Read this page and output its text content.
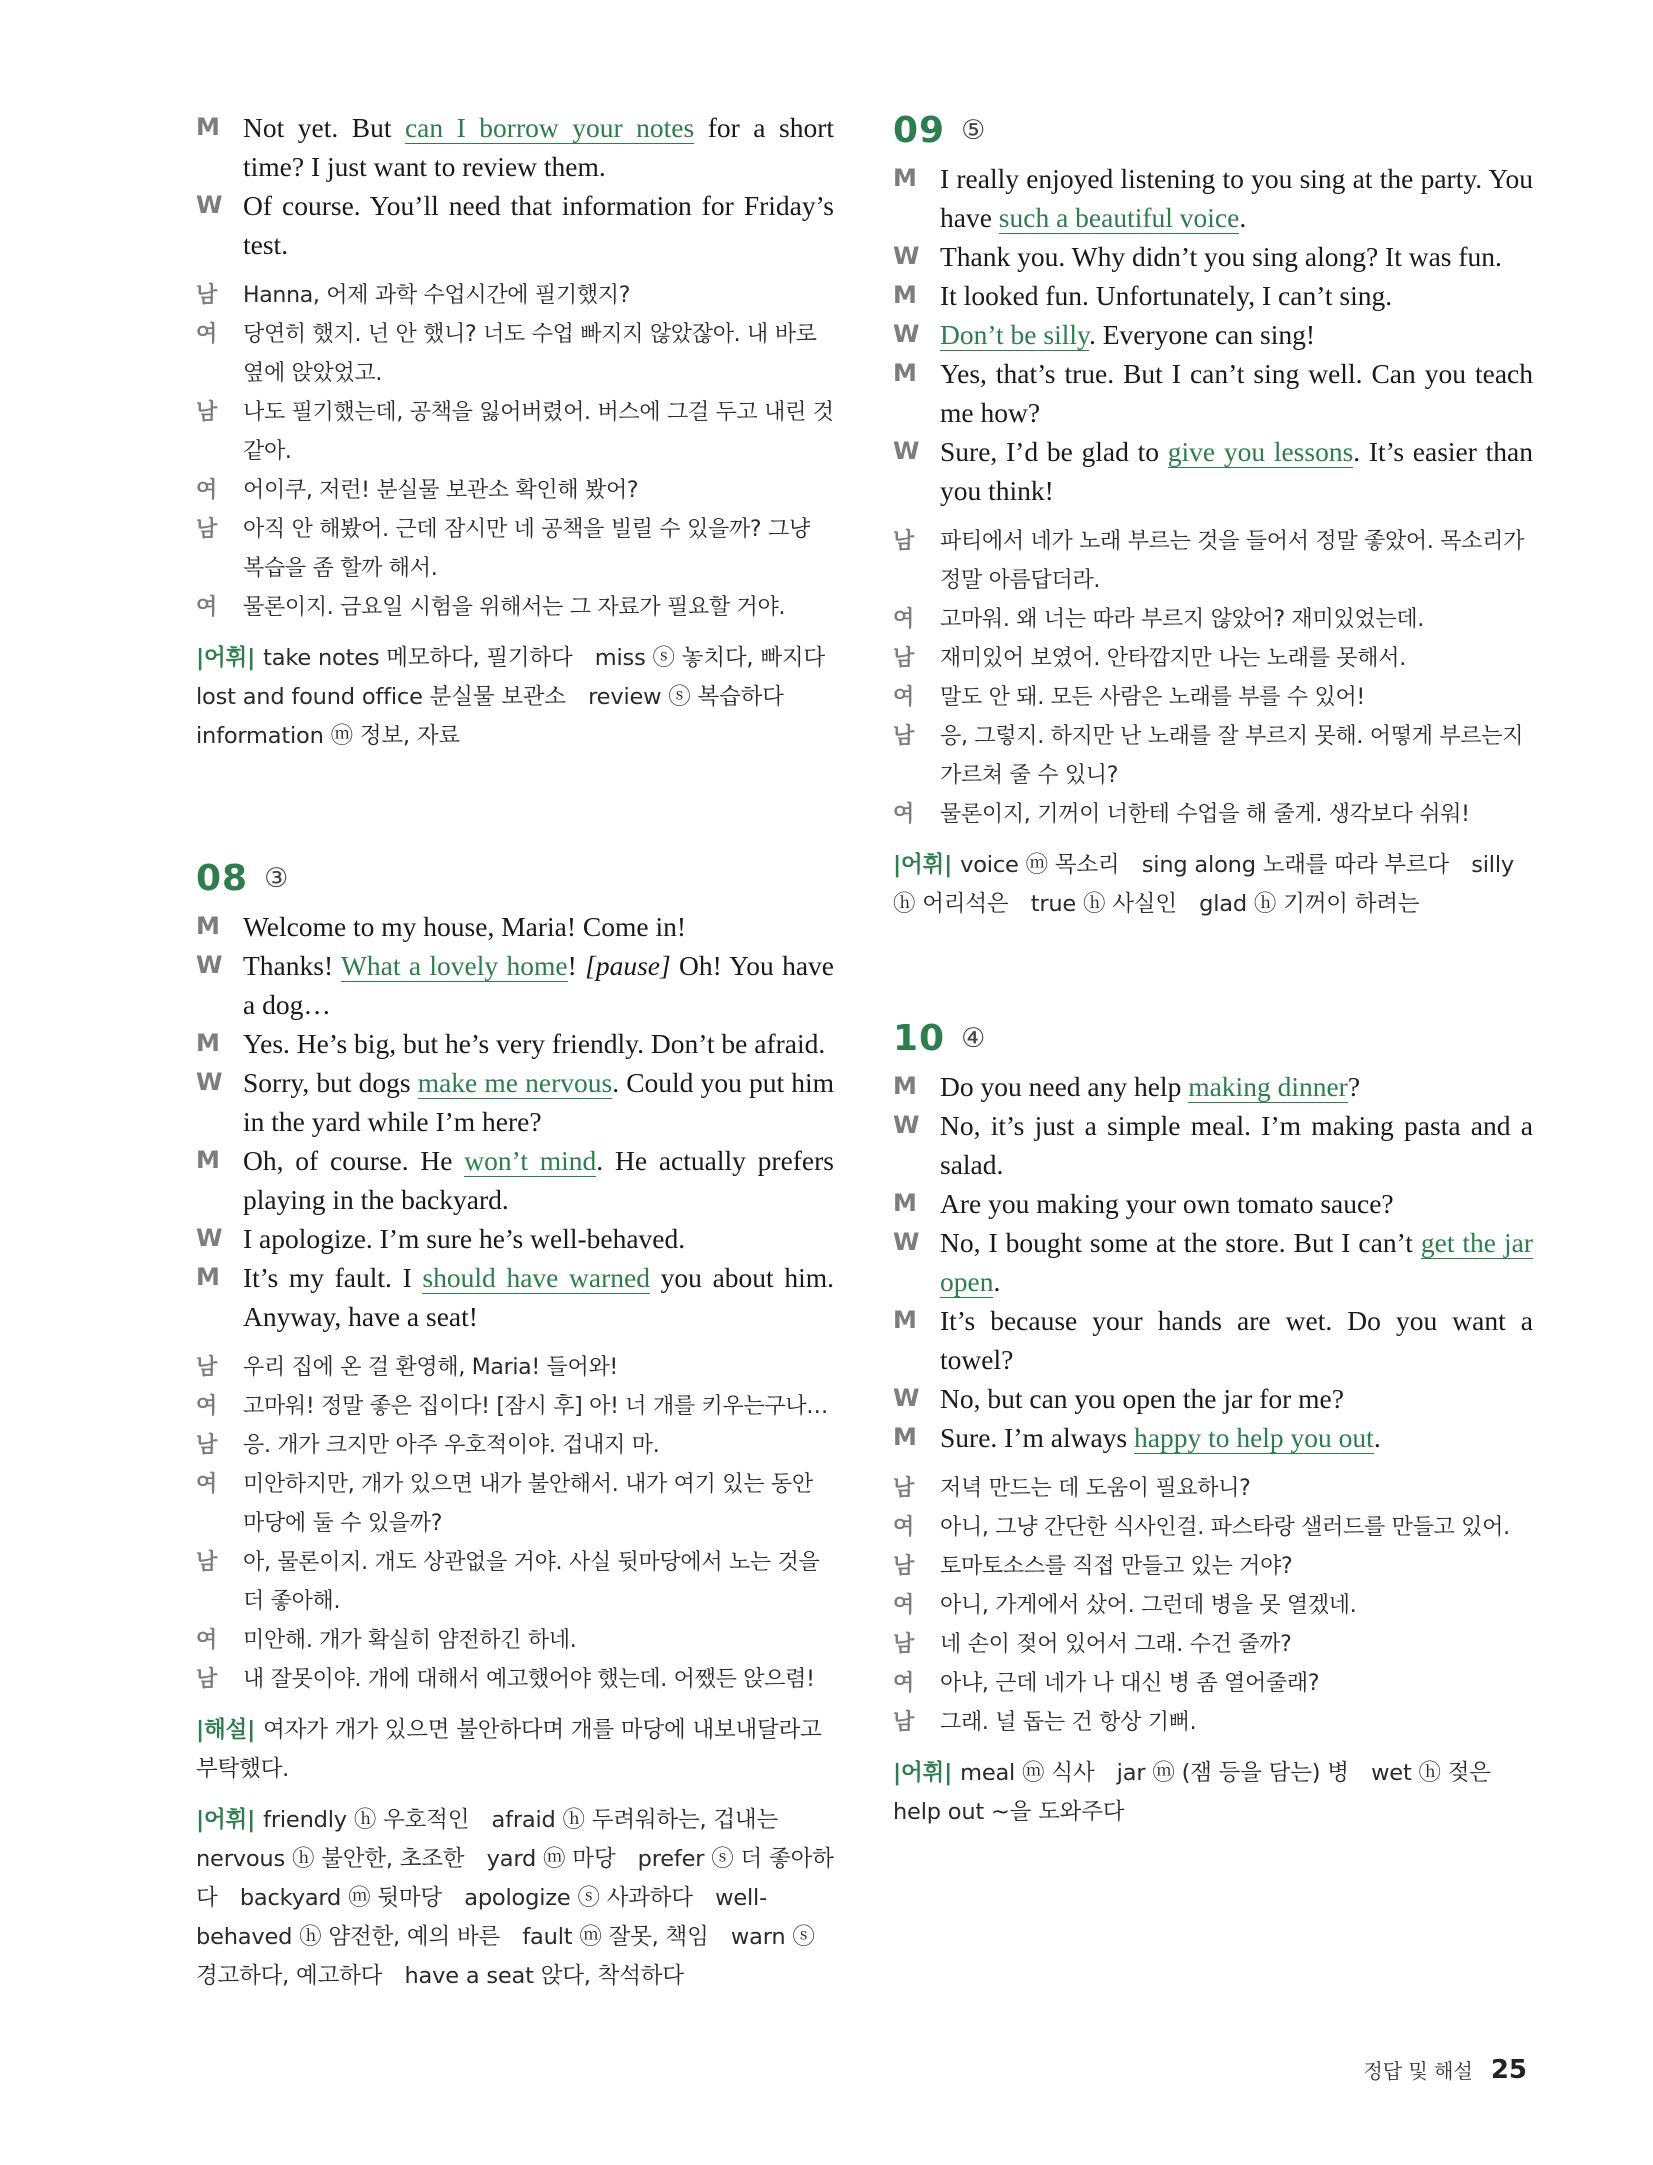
M Not yet. But can I borrow your notes for a short time? I just want to review them.
W Of course. You’ll need that information for Friday’s test.
남	Hanna, 어제 과학 수업시간에 필기했지?
여	당연히 했지. 넌 안 했니? 너도 수업 빠지지 않았잖아. 내 바로 옆에 앉았었고.
남	나도 필기했는데, 공책을 잃어버렸어. 버스에 그걸 두고 내린 것 같아.
여	어이쿠, 저런! 분실물 보관소 확인해 봤어?
남	아직 안 해봤어. 근데 잠시만 네 공책을 빌릴 수 있을까? 그냥 복습을 좀 할까 해서.
여	물론이지. 금요일 시험을 위해서는 그 자료가 필요할 거야.
|어휘| take notes 메모하다, 필기하다　miss ⓢ 놓치다, 빠지다　lost and found office 분실물 보관소　review ⓢ 복습하다　information ⓜ 정보, 자료
08 ③
M Welcome to my house, Maria! Come in!
W Thanks! What a lovely home! [pause] Oh! You have a dog…
M Yes. He’s big, but he’s very friendly. Don’t be afraid.
W Sorry, but dogs make me nervous. Could you put him in the yard while I’m here?
M Oh, of course. He won’t mind. He actually prefers playing in the backyard.
W I apologize. I’m sure he’s well-behaved.
M It’s my fault. I should have warned you about him. Anyway, have a seat!
남	우리 집에 온 걸 환영해, Maria! 들어와!
여	고마워! 정말 좋은 집이다! [잠시 후] 아! 너 개를 키우는구나…
남	응. 개가 크지만 아주 우호적이야. 겁내지 마.
여	미안하지만, 개가 있으면 내가 불안해서. 내가 여기 있는 동안 마당에 둘 수 있을까?
남	아, 물론이지. 개도 상관없을 거야. 사실 뒷마당에서 노는 것을 더 좋아해.
여	미안해. 개가 확실히 얌전하긴 하네.
남	내 잘못이야. 개에 대해서 예고했어야 했는데. 어쨌든 앉으렴!
|해설| 여자가 개가 있으면 불안하다며 개를 마당에 내보내달라고 부탁했다.
|어휘| friendly ⓗ 우호적인　afraid ⓗ 두려워하는, 겁내는　nervous ⓗ 불안한, 초조한　yard ⓜ 마당　prefer ⓢ 더 좋아하다　backyard ⓜ 뒷마당　apologize ⓢ 사과하다　well-behaved ⓗ 얌전한, 예의 바른　fault ⓜ 잘못, 책임　warn ⓢ 경고하다, 예고하다　have a seat 앉다, 착석하다
09 ⑤
M I really enjoyed listening to you sing at the party. You have such a beautiful voice.
W Thank you. Why didn’t you sing along? It was fun.
M It looked fun. Unfortunately, I can’t sing.
W Don’t be silly. Everyone can sing!
M Yes, that’s true. But I can’t sing well. Can you teach me how?
W Sure, I’d be glad to give you lessons. It’s easier than you think!
남	파티에서 네가 노래 부르는 것을 들어서 정말 좋았어. 목소리가 정말 아름답더라.
여	고마워. 왜 너는 따라 부르지 않았어? 재미있었는데.
남	재미있어 보였어. 안타깝지만 나는 노래를 못해서.
여	말도 안 돼. 모든 사람은 노래를 부를 수 있어!
남	응, 그렇지. 하지만 난 노래를 잘 부르지 못해. 어떻게 부르는지 가르쳐 줄 수 있니?
여	물론이지, 기꺼이 너한테 수업을 해 줄게. 생각보다 쉬워!
|어휘| voice ⓜ 목소리　sing along 노래를 따라 부르다　silly ⓗ 어리석은　true ⓗ 사실인　glad ⓗ 기꺼이 하려는
10 ④
M Do you need any help making dinner?
W No, it’s just a simple meal. I’m making pasta and a salad.
M Are you making your own tomato sauce?
W No, I bought some at the store. But I can’t get the jar open.
M It’s because your hands are wet. Do you want a towel?
W No, but can you open the jar for me?
M Sure. I’m always happy to help you out.
남	저녁 만드는 데 도움이 필요하니?
여	아니, 그냥 간단한 식사인걸. 파스타랑 샐러드를 만들고 있어.
남	토마토소스를 직접 만들고 있는 거야?
여	아니, 가게에서 샀어. 그런데 병을 못 열겠네.
남	네 손이 젖어 있어서 그래. 수건 줄까?
여	아냐, 근데 네가 나 대신 병 좀 열어줄래?
남	그래. 널 돕는 건 항상 기뻐.
|어휘| meal ⓜ 식사　jar ⓜ (잼 등을 담는) 병　wet ⓗ 젖은　help out ~을 도와주다
정답 및 해설 25
